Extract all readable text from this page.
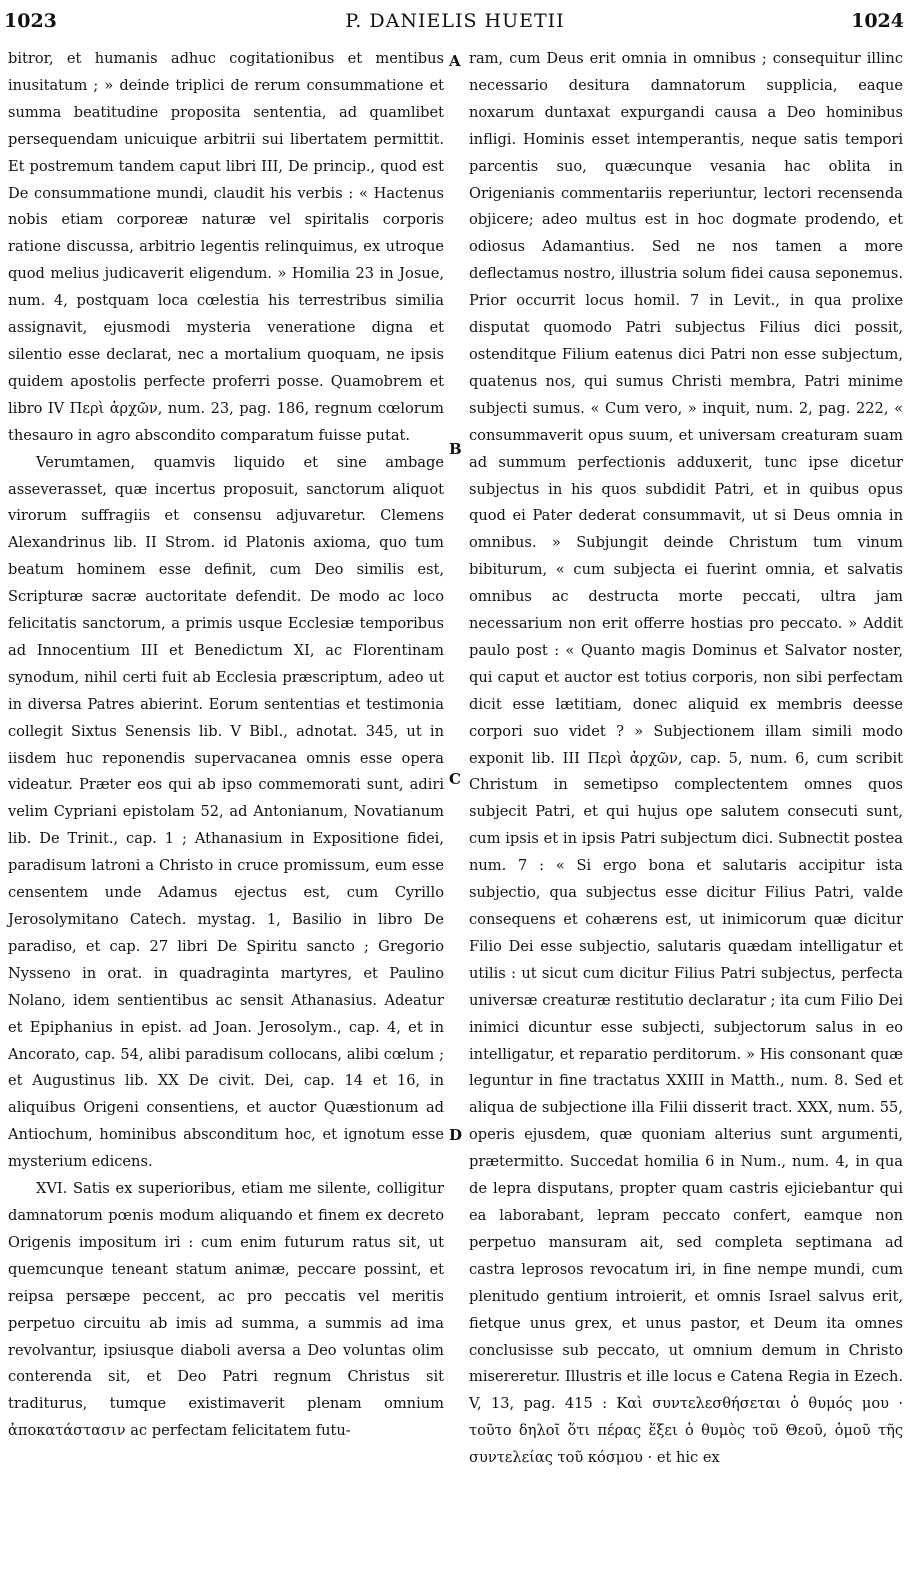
1023	P. DANIELIS HUETII	1024

bitror, et humanis adhuc cogitationibus et mentibus inusitatum ; » deinde triplici de rerum consummatione et summa beatitudine proposita sententia, ad quamlibet persequendam unicuique arbitrii sui libertatem permittit. Et postremum tandem caput libri III, De princip., quod est De consummatione mundi, claudit his verbis : « Hactenus nobis etiam corporeæ naturæ vel spiritalis corporis ratione discussa, arbitrio legentis relinquimus, ex utroque quod melius judicaverit eligendum. » Homilia 23 in Josue, num. 4, postquam loca cœlestia his terrestribus similia assignavit, ejusmodi mysteria veneratione digna et silentio esse declarat, nec a mortalium quoquam, ne ipsis quidem apostolis perfecte proferri posse. Quamobrem et libro IV Περὶ ἀρχῶν, num. 23, pag. 186, regnum cœlorum thesauro in agro abscondito comparatum fuisse putat.

Verumtamen, quamvis liquido et sine ambage asseverasset, quæ incertus proposuit, sanctorum aliquot virorum suffragiis et consensu adjuvaretur. Clemens Alexandrinus lib. II Strom. id Platonis axioma, quo tum beatum hominem esse definit, cum Deo similis est, Scripturæ sacræ auctoritate defendit. De modo ac loco felicitatis sanctorum, a primis usque Ecclesiæ temporibus ad Innocentium III et Benedictum XI, ac Florentinam synodum, nihil certi fuit ab Ecclesia præscriptum, adeo ut in diversa Patres abierint. Eorum sententias et testimonia collegit Sixtus Senensis lib. V Bibl., adnotat. 345, ut in iisdem huc reponendis supervacanea omnis esse opera videatur. Præter eos qui ab ipso commemorati sunt, adiri velim Cypriani epistolam 52, ad Antonianum, Novatianum lib. De Trinit., cap. 1 ; Athanasium in Expositione fidei, paradisum latroni a Christo in cruce promissum, eum esse censentem unde Adamus ejectus est, cum Cyrillo Jerosolymitano Catech. mystag. 1, Basilio in libro De paradiso, et cap. 27 libri De Spiritu sancto ; Gregorio Nysseno in orat. in quadraginta martyres, et Paulino Nolano, idem sentientibus ac sensit Athanasius. Adeatur et Epiphanius in epist. ad Joan. Jerosolym., cap. 4, et in Ancorato, cap. 54, alibi paradisum collocans, alibi cœlum ; et Augustinus lib. XX De civit. Dei, cap. 14 et 16, in aliquibus Origeni consentiens, et auctor Quæstionum ad Antiochum, hominibus absconditum hoc, et ignotum esse mysterium edicens.

XVI. Satis ex superioribus, etiam me silente, colligitur damnatorum pœnis modum aliquando et finem ex decreto Origenis impositum iri : cum enim futurum ratus sit, ut quemcunque teneant statum animæ, peccare possint, et reipsa persæpe peccent, ac pro peccatis vel meritis perpetuo circuitu ab imis ad summa, a summis ad ima revolvantur, ipsiusque diaboli aversa a Deo voluntas olim conterenda sit, et Deo Patri regnum Christus sit traditurus, tumque existimaverit plenam omnium ἀποκατάστασιν ac perfectam felicitatem futu-

A
B
C
D

ram, cum Deus erit omnia in omnibus ; consequitur illinc necessario desitura damnatorum supplicia, eaque noxarum duntaxat expurgandi causa a Deo hominibus infligi. Hominis esset intemperantis, neque satis tempori parcentis suo, quæcunque vesania hac oblita in Origenianis commentariis reperiuntur, lectori recensenda objicere; adeo multus est in hoc dogmate prodendo, et odiosus Adamantius. Sed ne nos tamen a more deflectamus nostro, illustria solum fidei causa seponemus. Prior occurrit locus homil. 7 in Levit., in qua prolixe disputat quomodo Patri subjectus Filius dici possit, ostenditque Filium eatenus dici Patri non esse subjectum, quatenus nos, qui sumus Christi membra, Patri minime subjecti sumus. « Cum vero, » inquit, num. 2, pag. 222, « consummaverit opus suum, et universam creaturam suam ad summum perfectionis adduxerit, tunc ipse dicetur subjectus in his quos subdidit Patri, et in quibus opus quod ei Pater dederat consummavit, ut si Deus omnia in omnibus. » Subjungit deinde Christum tum vinum bibiturum, « cum subjecta ei fuerint omnia, et salvatis omnibus ac destructa morte peccati, ultra jam necessarium non erit offerre hostias pro peccato. » Addit paulo post : « Quanto magis Dominus et Salvator noster, qui caput et auctor est totius corporis, non sibi perfectam dicit esse lætitiam, donec aliquid ex membris deesse corpori suo videt ? » Subjectionem illam simili modo exponit lib. III Περὶ ἀρχῶν, cap. 5, num. 6, cum scribit Christum in semetipso complectentem omnes quos subjecit Patri, et qui hujus ope salutem consecuti sunt, cum ipsis et in ipsis Patri subjectum dici. Subnectit postea num. 7 : « Si ergo bona et salutaris accipitur ista subjectio, qua subjectus esse dicitur Filius Patri, valde consequens et cohærens est, ut inimicorum quæ dicitur Filio Dei esse subjectio, salutaris quædam intelligatur et utilis : ut sicut cum dicitur Filius Patri subjectus, perfecta universæ creaturæ restitutio declaratur ; ita cum Filio Dei inimici dicuntur esse subjecti, subjectorum salus in eo intelligatur, et reparatio perditorum. » His consonant quæ leguntur in fine tractatus XXIII in Matth., num. 8. Sed et aliqua de subjectione illa Filii disserit tract. XXX, num. 55, operis ejusdem, quæ quoniam alterius sunt argumenti, prætermitto. Succedat homilia 6 in Num., num. 4, in qua de lepra disputans, propter quam castris ejiciebantur qui ea laborabant, lepram peccato confert, eamque non perpetuo mansuram ait, sed completa septimana ad castra leprosos revocatum iri, in fine nempe mundi, cum plenitudo gentium introierit, et omnis Israel salvus erit, fietque unus grex, et unus pastor, et Deum ita omnes conclusisse sub peccato, ut omnium demum in Christo misereretur. Illustris et ille locus e Catena Regia in Ezech. V, 13, pag. 415 : Καὶ συντελεσθήσεται ὁ θυμός μου · τοῦτο δηλοῖ ὅτι πέρας ἕξει ὁ θυμὸς τοῦ Θεοῦ, ὁμοῦ τῆς συντελείας τοῦ κόσμου · et hic ex
